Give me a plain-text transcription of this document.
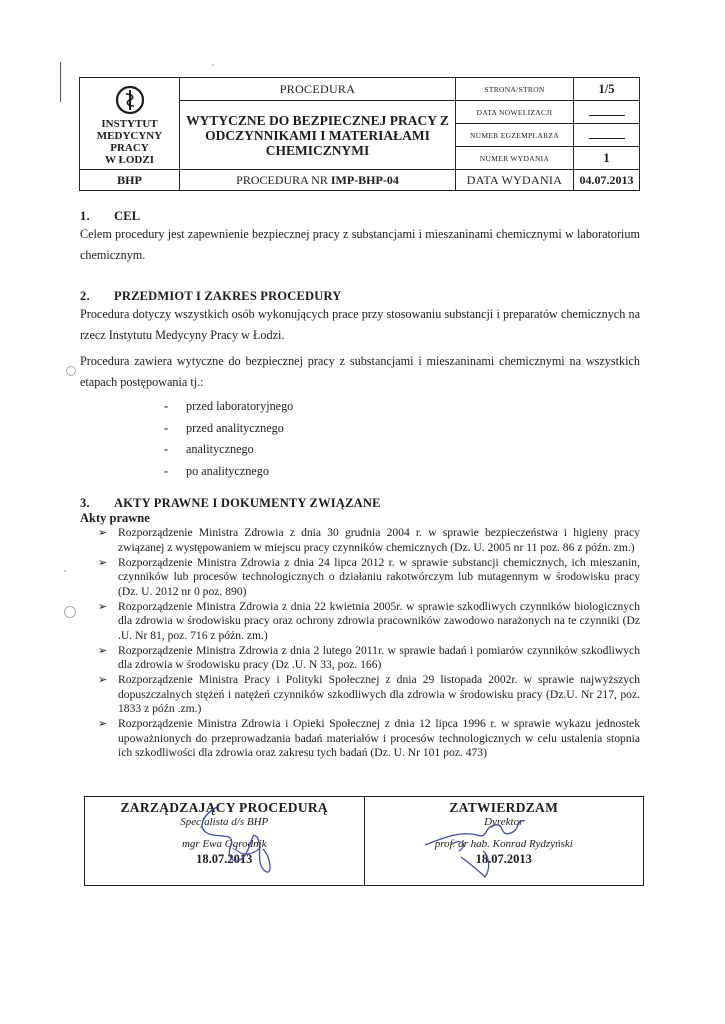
INSTYTUT
MEDYCYNY PRACY
W ŁODZI	PROCEDURA	STRONA/STRON	1/5

	WYTYCZNE DO BEZPIECZNEJ PRACY Z
ODCZYNNIKAMI I MATERIAŁAMI
CHEMICZNYMI	DATA NOWELIZACJI	
		NUMER EGZEMPLARZA	
		NUMER WYDANIA	1
BHP	PROCEDURA NR IMP-BHP-04	DATA WYDANIA	04.07.2013

1. CEL

Celem procedury jest zapewnienie bezpiecznej pracy z substancjami i mieszaninami chemicznymi w laboratorium chemicznym.

2. PRZEDMIOT I ZAKRES PROCEDURY

Procedura dotyczy wszystkich osób wykonujących prace przy stosowaniu substancji i preparatów chemicznych na rzecz Instytutu Medycyny Pracy w Łodzi.

Procedura zawiera wytyczne do bezpiecznej pracy z substancjami i mieszaninami chemicznymi na wszystkich etapach postępowania tj.:

- przed laboratoryjnego
- przed analitycznego
- analitycznego
- po analitycznego

3. AKTY PRAWNE I DOKUMENTY ZWIĄZANE

Akty prawne

➢ Rozporządzenie Ministra Zdrowia z dnia 30 grudnia 2004 r. w sprawie bezpieczeństwa i higieny pracy związanej z występowaniem w miejscu pracy czynników chemicznych (Dz. U. 2005 nr 11 poz. 86 z późn. zm.)
➢ Rozporządzenie Ministra Zdrowia z dnia 24 lipca 2012 r. w sprawie substancji chemicznych, ich mieszanin, czynników lub procesów technologicznych o działaniu rakotwórczym lub mutagennym w środowisku pracy (Dz. U. 2012 nr 0 poz. 890)
➢ Rozporządzenie Ministra Zdrowia z dnia 22 kwietnia 2005r. w sprawie szkodliwych czynników biologicznych dla zdrowia w środowisku pracy oraz ochrony zdrowia pracowników zawodowo narażonych na te czynniki (Dz .U. Nr 81, poz. 716 z późn. zm.)
➢ Rozporządzenie Ministra Zdrowia z dnia 2 lutego 2011r. w sprawie badań i pomiarów czynników szkodliwych dla zdrowia w środowisku pracy (Dz .U. N 33, poz. 166)
➢ Rozporządzenie Ministra Pracy i Polityki Społecznej z dnia 29 listopada 2002r. w sprawie najwyższych dopuszczalnych stężeń i natężeń czynników szkodliwych dla zdrowia w środowisku pracy (Dz.U. Nr 217, poz. 1833 z późn .zm.)
➢ Rozporządzenie Ministra Zdrowia i Opieki Społecznej z dnia 12 lipca 1996 r. w sprawie wykazu jednostek upoważnionych do przeprowadzania badań materiałów i procesów technologicznych w celu ustalenia stopnia ich szkodliwości dla zdrowia oraz zakresu tych badań (Dz. U. Nr 101 poz. 473)
ZARZĄDZAJĄCY PROCEDURĄ
Specjalista d/s BHP
mgr Ewa Ogrodnik
18.07.2013

ZATWIERDZAM
Dyrektor
prof. dr hab. Konrad Rydzyński
18.07.2013
